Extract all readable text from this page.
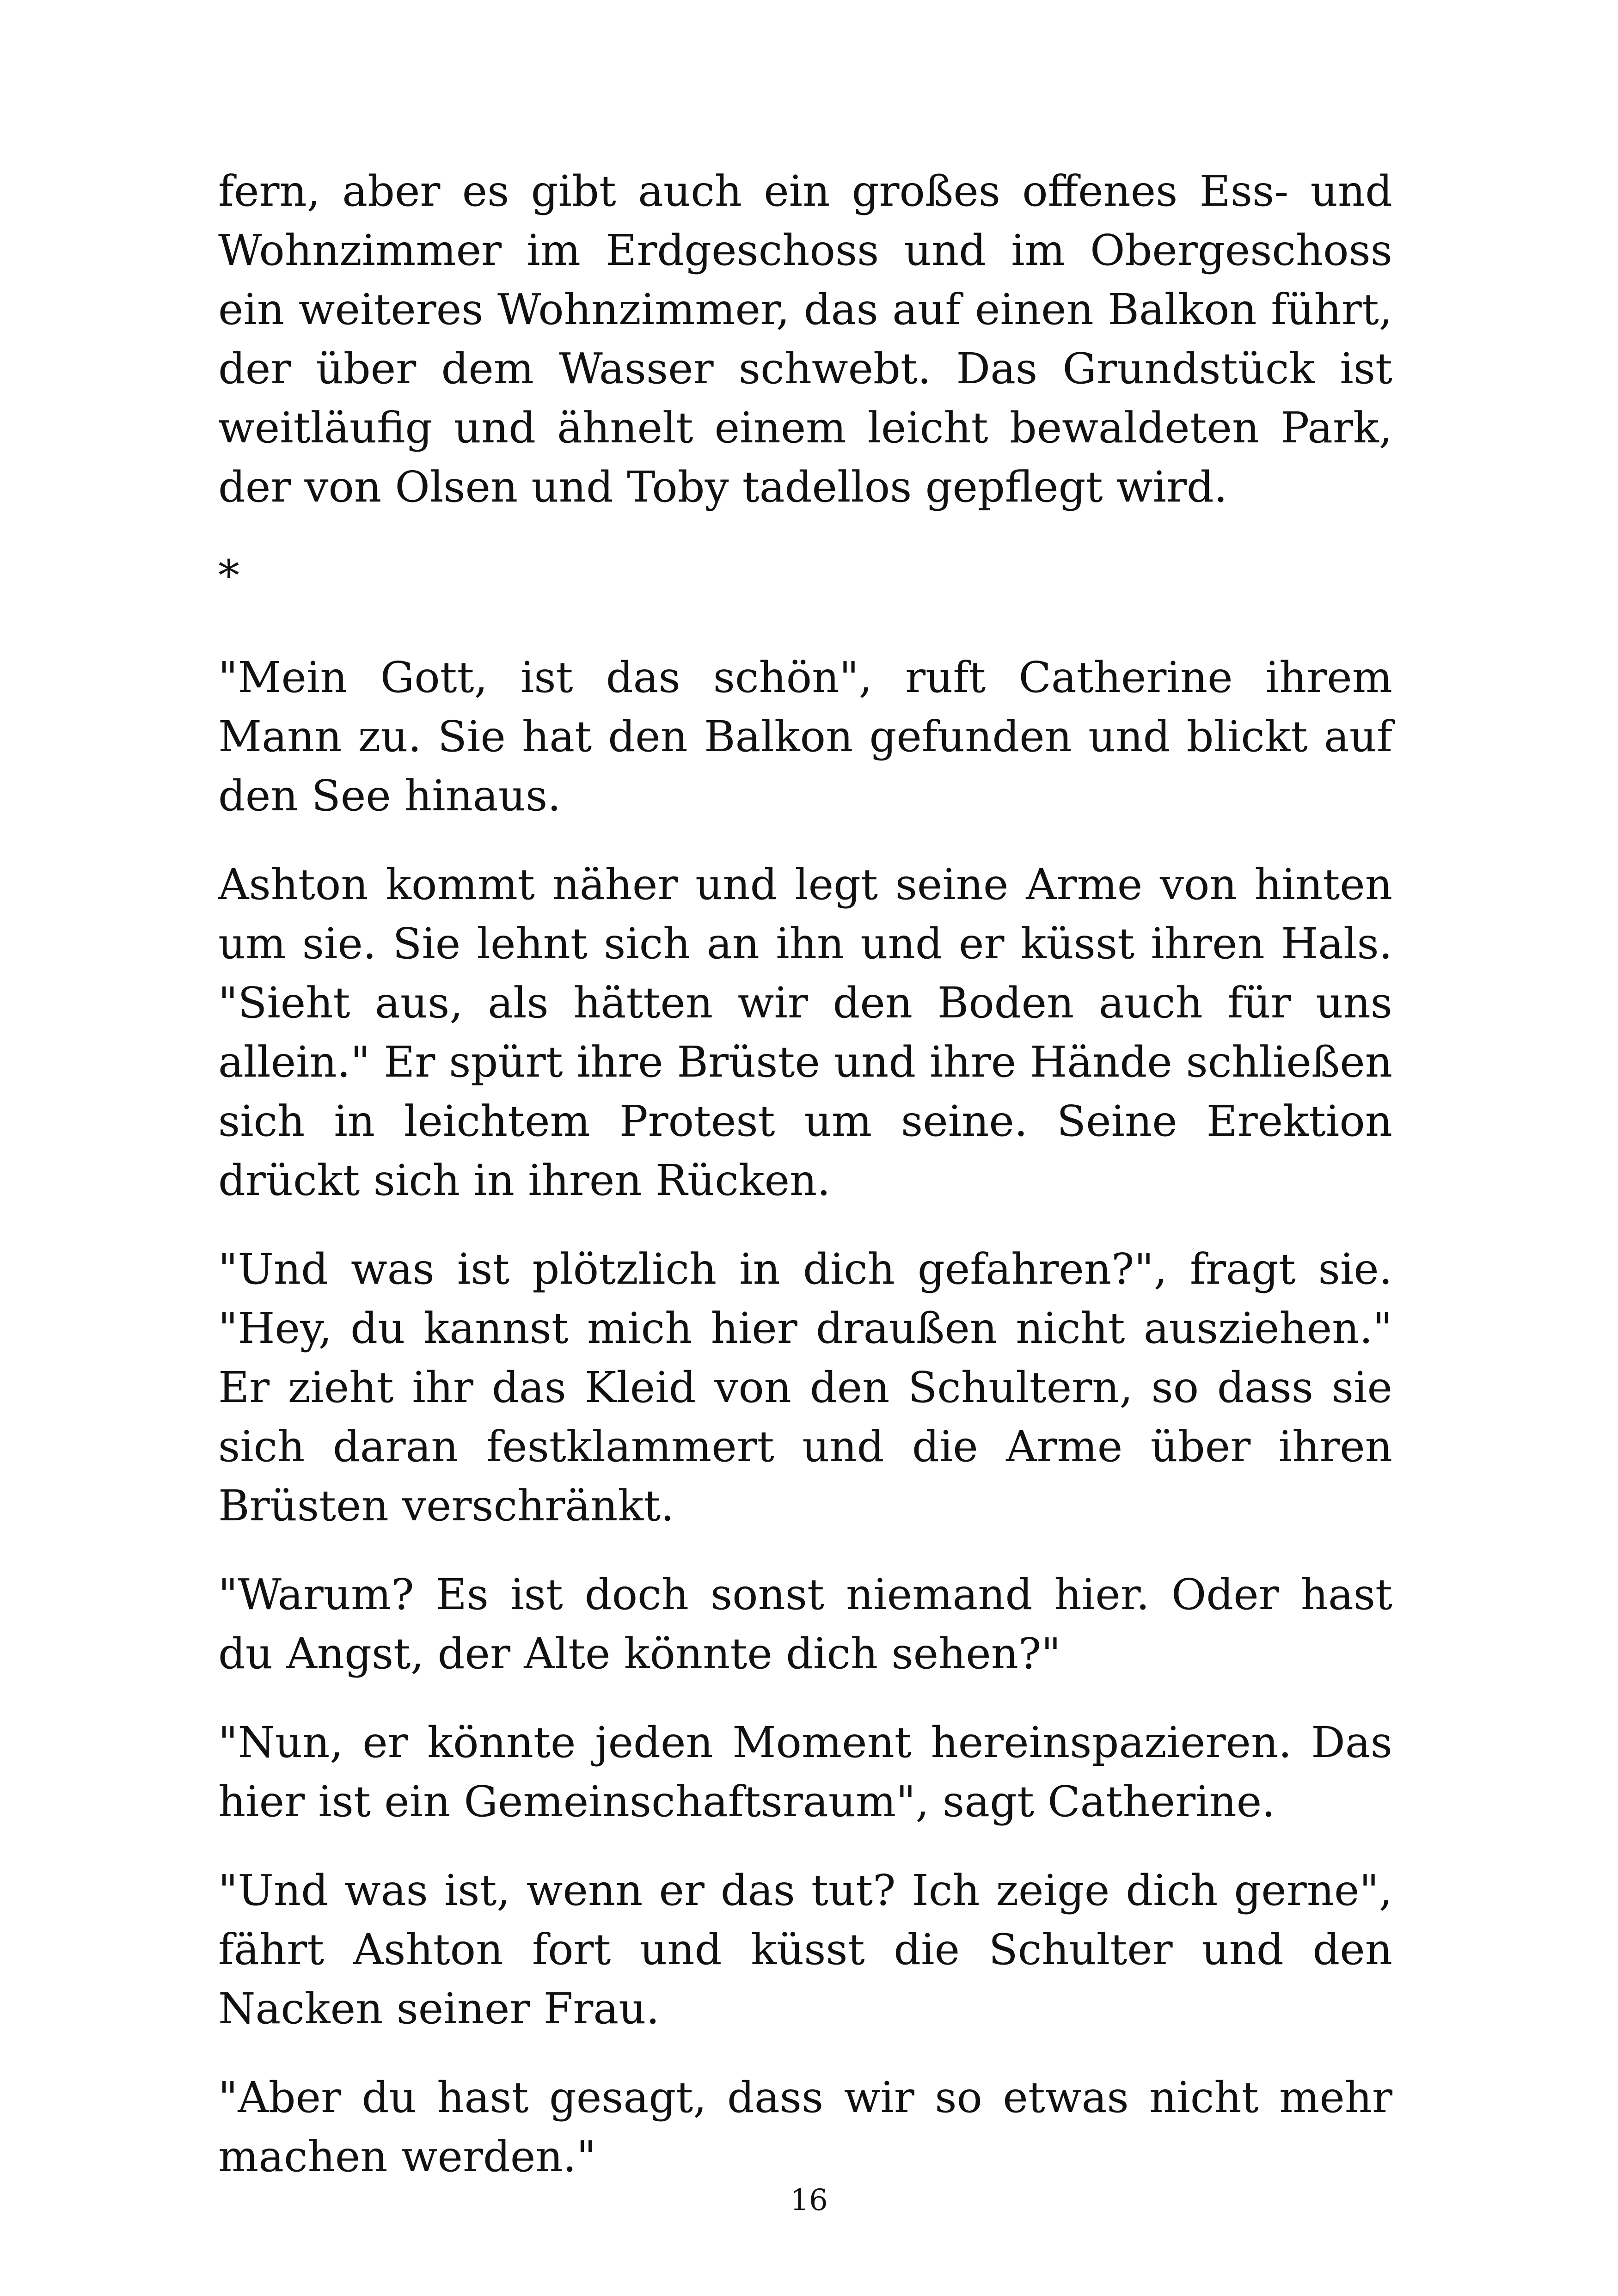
fern, aber es gibt auch ein großes offenes Ess- und Wohnzimmer im Erdgeschoss und im Obergeschoss ein weiteres Wohnzimmer, das auf einen Balkon führt, der über dem Wasser schwebt. Das Grundstück ist weitläufig und ähnelt einem leicht bewaldeten Park, der von Olsen und Toby tadellos gepflegt wird.

*

"Mein Gott, ist das schön", ruft Catherine ihrem Mann zu. Sie hat den Balkon gefunden und blickt auf den See hinaus.

Ashton kommt näher und legt seine Arme von hinten um sie. Sie lehnt sich an ihn und er küsst ihren Hals. "Sieht aus, als hätten wir den Boden auch für uns allein." Er spürt ihre Brüste und ihre Hände schließen sich in leichtem Protest um seine. Seine Erektion drückt sich in ihren Rücken.

"Und was ist plötzlich in dich gefahren?", fragt sie. "Hey, du kannst mich hier draußen nicht ausziehen." Er zieht ihr das Kleid von den Schultern, so dass sie sich daran festklammert und die Arme über ihren Brüsten verschränkt.

"Warum? Es ist doch sonst niemand hier. Oder hast du Angst, der Alte könnte dich sehen?"

"Nun, er könnte jeden Moment hereinspazieren. Das hier ist ein Gemeinschaftsraum", sagt Catherine.

"Und was ist, wenn er das tut? Ich zeige dich gerne", fährt Ashton fort und küsst die Schulter und den Nacken seiner Frau.

"Aber du hast gesagt, dass wir so etwas nicht mehr machen werden."

16
